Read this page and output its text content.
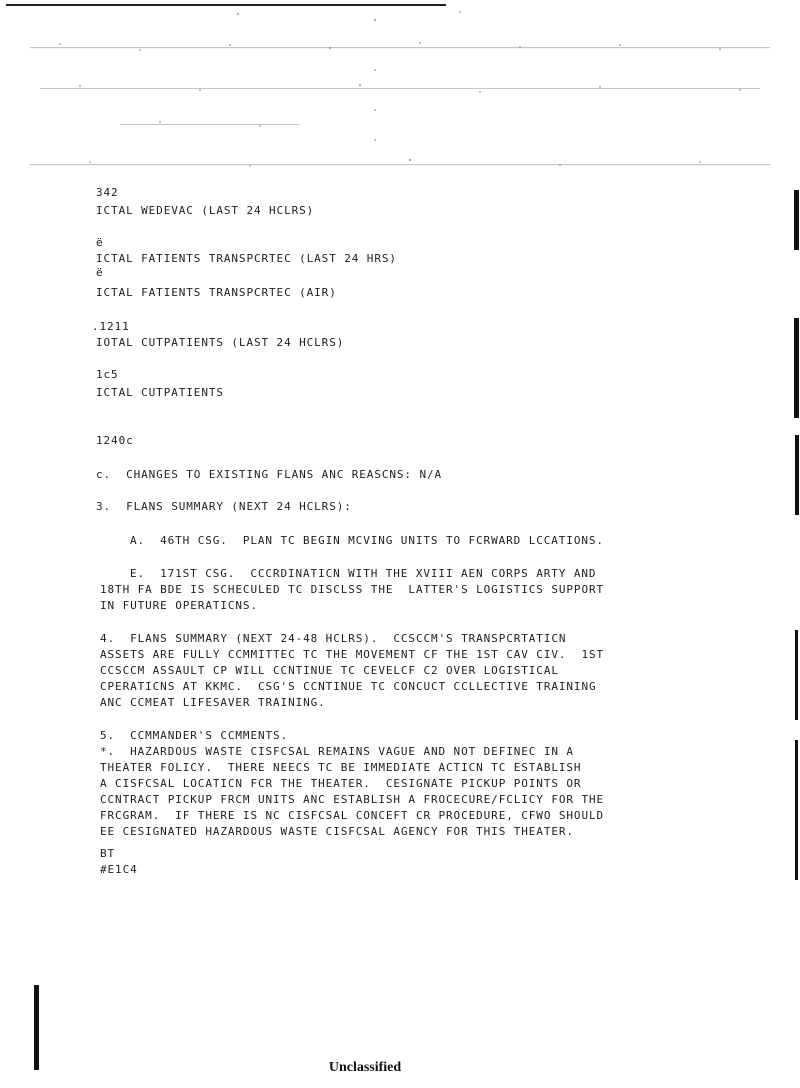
342
ICTAL WEDEVAC (LAST 24 HCLRS)
ë
ICTAL FATIENTS TRANSPCRTEC (LAST 24 HRS)
ë
ICTAL FATIENTS TRANSPCRTEC (AIR)
.1211
IOTAL CUTPATIENTS (LAST 24 HCLRS)
1c5
ICTAL CUTPATIENTS
1240c
c.  CHANGES TO EXISTING FLANS ANC REASCNS: N/A
3.  FLANS SUMMARY (NEXT 24 HCLRS):
A.  46TH CSG.  PLAN TC BEGIN MCVING UNITS TO FCRWARD LCCATIONS.
E.  171ST CSG.  CCCRDINATICN WITH THE XVIII AEN CORPS ARTY AND
18TH FA BDE IS SCHECULED TC DISCLSS THE  LATTER'S LOGISTICS SUPPORT
IN FUTURE OPERATICNS.
4.  FLANS SUMMARY (NEXT 24-48 HCLRS).  CCSCCM'S TRANSPCRTATICN
ASSETS ARE FULLY CCMMITTEC TC THE MOVEMENT CF THE 1ST CAV CIV.  1ST
CCSCCM ASSAULT CP WILL CCNTINUE TC CEVELCF C2 OVER LOGISTICAL
CPERATICNS AT KKMC.  CSG'S CCNTINUE TC CONCUCT CCLLECTIVE TRAINING
ANC CCMEAT LIFESAVER TRAINING.
5.  CCMMANDER'S CCMMENTS.
*.  HAZARDOUS WASTE CISFCSAL REMAINS VAGUE AND NOT DEFINEC IN A
THEATER FOLICY.  THERE NEECS TC BE IMMEDIATE ACTICN TC ESTABLISH
A CISFCSAL LOCATICN FCR THE THEATER.  CESIGNATE PICKUP POINTS OR
CCNTRACT PICKUP FRCM UNITS ANC ESTABLISH A FROCECURE/FCLICY FOR THE
FRCGRAM.  IF THERE IS NC CISFCSAL CONCEFT CR PROCEDURE, CFWO SHOULD
EE CESIGNATED HAZARDOUS WASTE CISFCSAL AGENCY FOR THIS THEATER.
BT
#E1C4
Unclassified
